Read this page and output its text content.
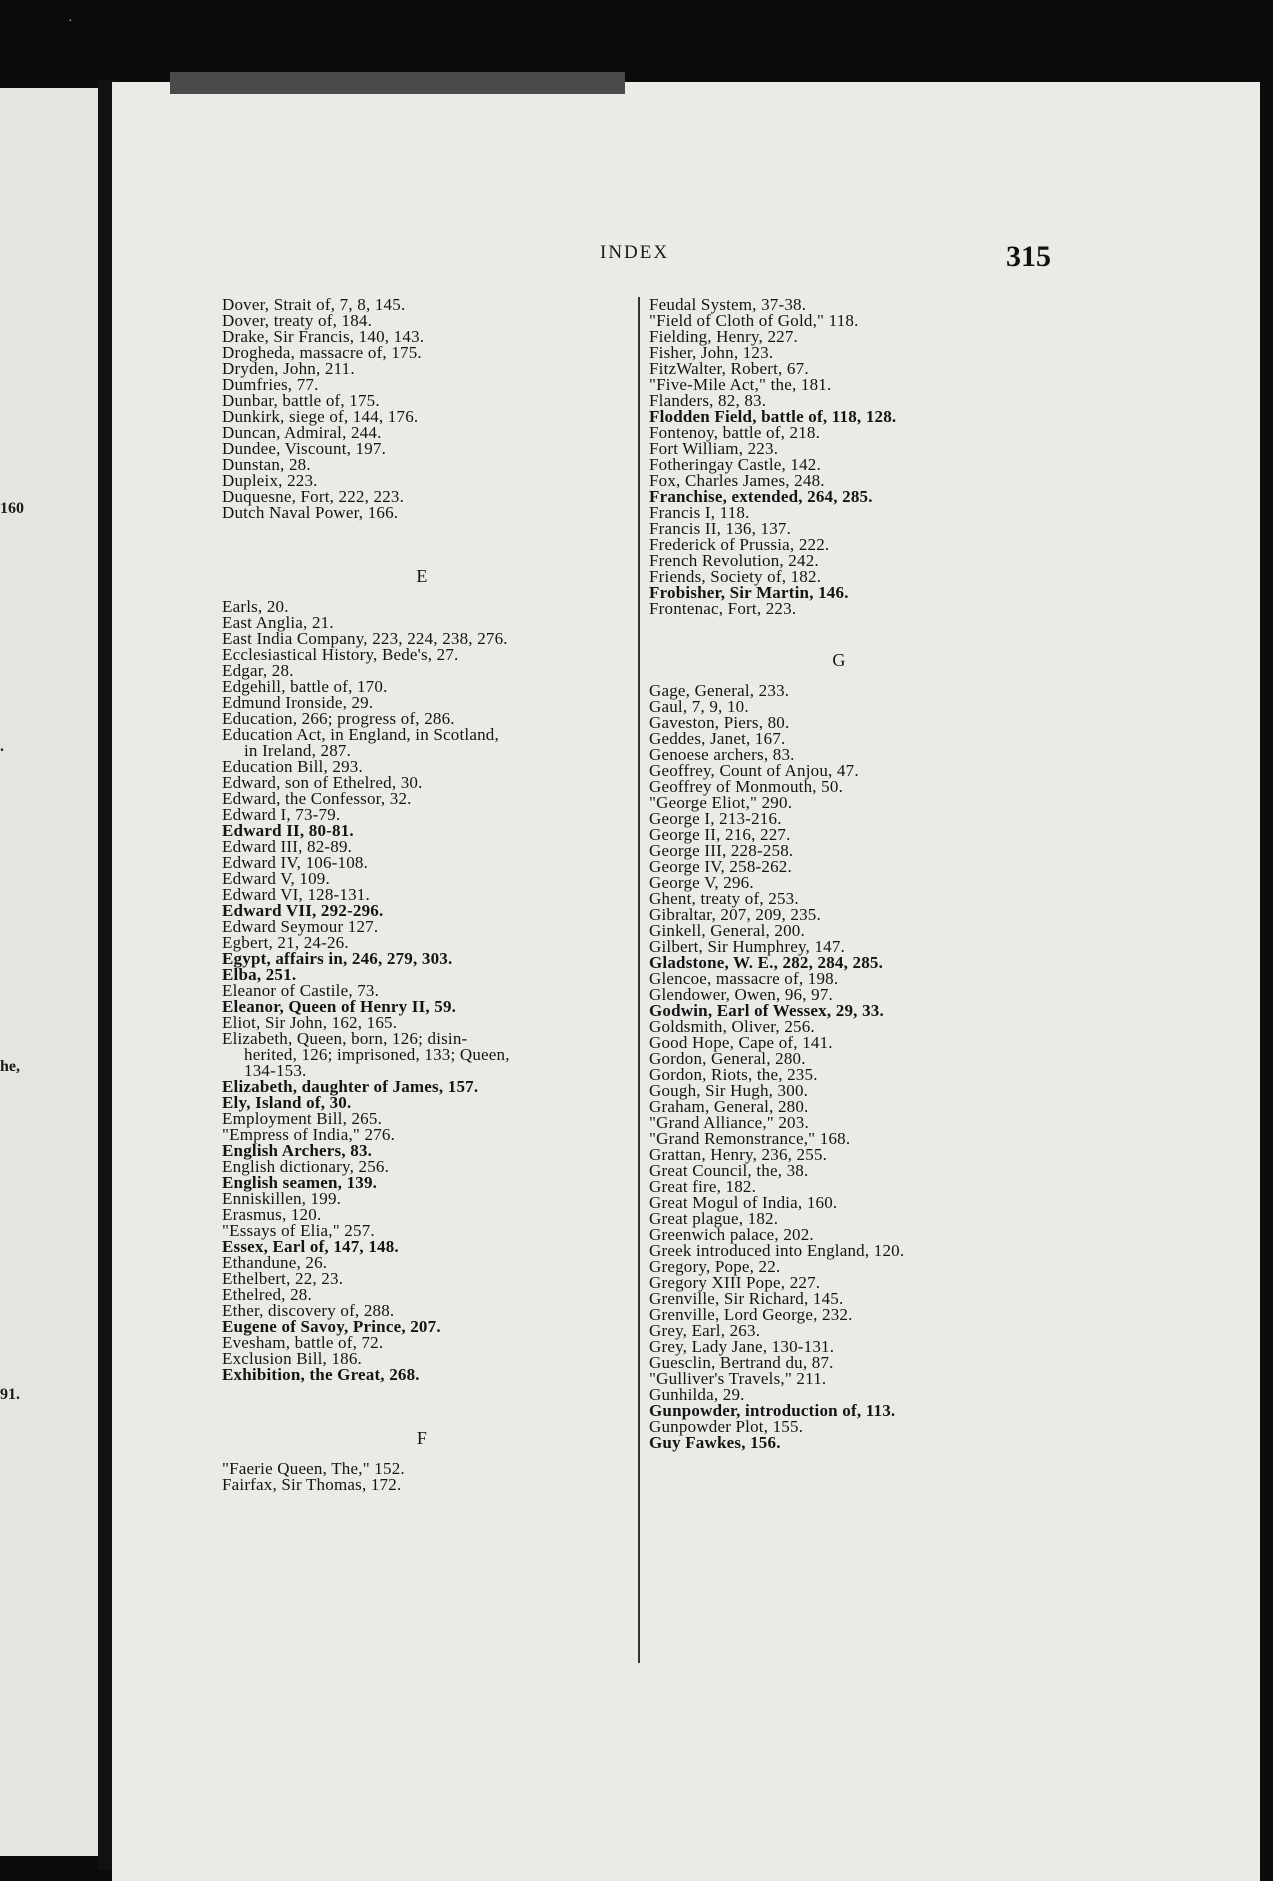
160
.
he,
91.
·
·
INDEX	315
Dover, Strait of, 7, 8, 145.
Dover, treaty of, 184.
Drake, Sir Francis, 140, 143.
Drogheda, massacre of, 175.
Dryden, John, 211.
Dumfries, 77.
Dunbar, battle of, 175.
Dunkirk, siege of, 144, 176.
Duncan, Admiral, 244.
Dundee, Viscount, 197.
Dunstan, 28.
Dupleix, 223.
Duquesne, Fort, 222, 223.
Dutch Naval Power, 166.
E
Earls, 20.
East Anglia, 21.
East India Company, 223, 224, 238, 276.
Ecclesiastical History, Bede's, 27.
Edgar, 28.
Edgehill, battle of, 170.
Edmund Ironside, 29.
Education, 266; progress of, 286.
Education Act, in England, in Scotland,
in Ireland, 287.
Education Bill, 293.
Edward, son of Ethelred, 30.
Edward, the Confessor, 32.
Edward I, 73-79.
Edward II, 80-81.
Edward III, 82-89.
Edward IV, 106-108.
Edward V, 109.
Edward VI, 128-131.
Edward VII, 292-296.
Edward Seymour 127.
Egbert, 21, 24-26.
Egypt, affairs in, 246, 279, 303.
Elba, 251.
Eleanor of Castile, 73.
Eleanor, Queen of Henry II, 59.
Eliot, Sir John, 162, 165.
Elizabeth, Queen, born, 126; disin-
herited, 126; imprisoned, 133; Queen,
134-153.
Elizabeth, daughter of James, 157.
Ely, Island of, 30.
Employment Bill, 265.
"Empress of India," 276.
English Archers, 83.
English dictionary, 256.
English seamen, 139.
Enniskillen, 199.
Erasmus, 120.
"Essays of Elia," 257.
Essex, Earl of, 147, 148.
Ethandune, 26.
Ethelbert, 22, 23.
Ethelred, 28.
Ether, discovery of, 288.
Eugene of Savoy, Prince, 207.
Evesham, battle of, 72.
Exclusion Bill, 186.
Exhibition, the Great, 268.
F
"Faerie Queen, The," 152.
Fairfax, Sir Thomas, 172.
Feudal System, 37-38.
"Field of Cloth of Gold," 118.
Fielding, Henry, 227.
Fisher, John, 123.
FitzWalter, Robert, 67.
"Five-Mile Act," the, 181.
Flanders, 82, 83.
Flodden Field, battle of, 118, 128.
Fontenoy, battle of, 218.
Fort William, 223.
Fotheringay Castle, 142.
Fox, Charles James, 248.
Franchise, extended, 264, 285.
Francis I, 118.
Francis II, 136, 137.
Frederick of Prussia, 222.
French Revolution, 242.
Friends, Society of, 182.
Frobisher, Sir Martin, 146.
Frontenac, Fort, 223.
G
Gage, General, 233.
Gaul, 7, 9, 10.
Gaveston, Piers, 80.
Geddes, Janet, 167.
Genoese archers, 83.
Geoffrey, Count of Anjou, 47.
Geoffrey of Monmouth, 50.
"George Eliot," 290.
George I, 213-216.
George II, 216, 227.
George III, 228-258.
George IV, 258-262.
George V, 296.
Ghent, treaty of, 253.
Gibraltar, 207, 209, 235.
Ginkell, General, 200.
Gilbert, Sir Humphrey, 147.
Gladstone, W. E., 282, 284, 285.
Glencoe, massacre of, 198.
Glendower, Owen, 96, 97.
Godwin, Earl of Wessex, 29, 33.
Goldsmith, Oliver, 256.
Good Hope, Cape of, 141.
Gordon, General, 280.
Gordon, Riots, the, 235.
Gough, Sir Hugh, 300.
Graham, General, 280.
"Grand Alliance," 203.
"Grand Remonstrance," 168.
Grattan, Henry, 236, 255.
Great Council, the, 38.
Great fire, 182.
Great Mogul of India, 160.
Great plague, 182.
Greenwich palace, 202.
Greek introduced into England, 120.
Gregory, Pope, 22.
Gregory XIII Pope, 227.
Grenville, Sir Richard, 145.
Grenville, Lord George, 232.
Grey, Earl, 263.
Grey, Lady Jane, 130-131.
Guesclin, Bertrand du, 87.
"Gulliver's Travels," 211.
Gunhilda, 29.
Gunpowder, introduction of, 113.
Gunpowder Plot, 155.
Guy Fawkes, 156.
